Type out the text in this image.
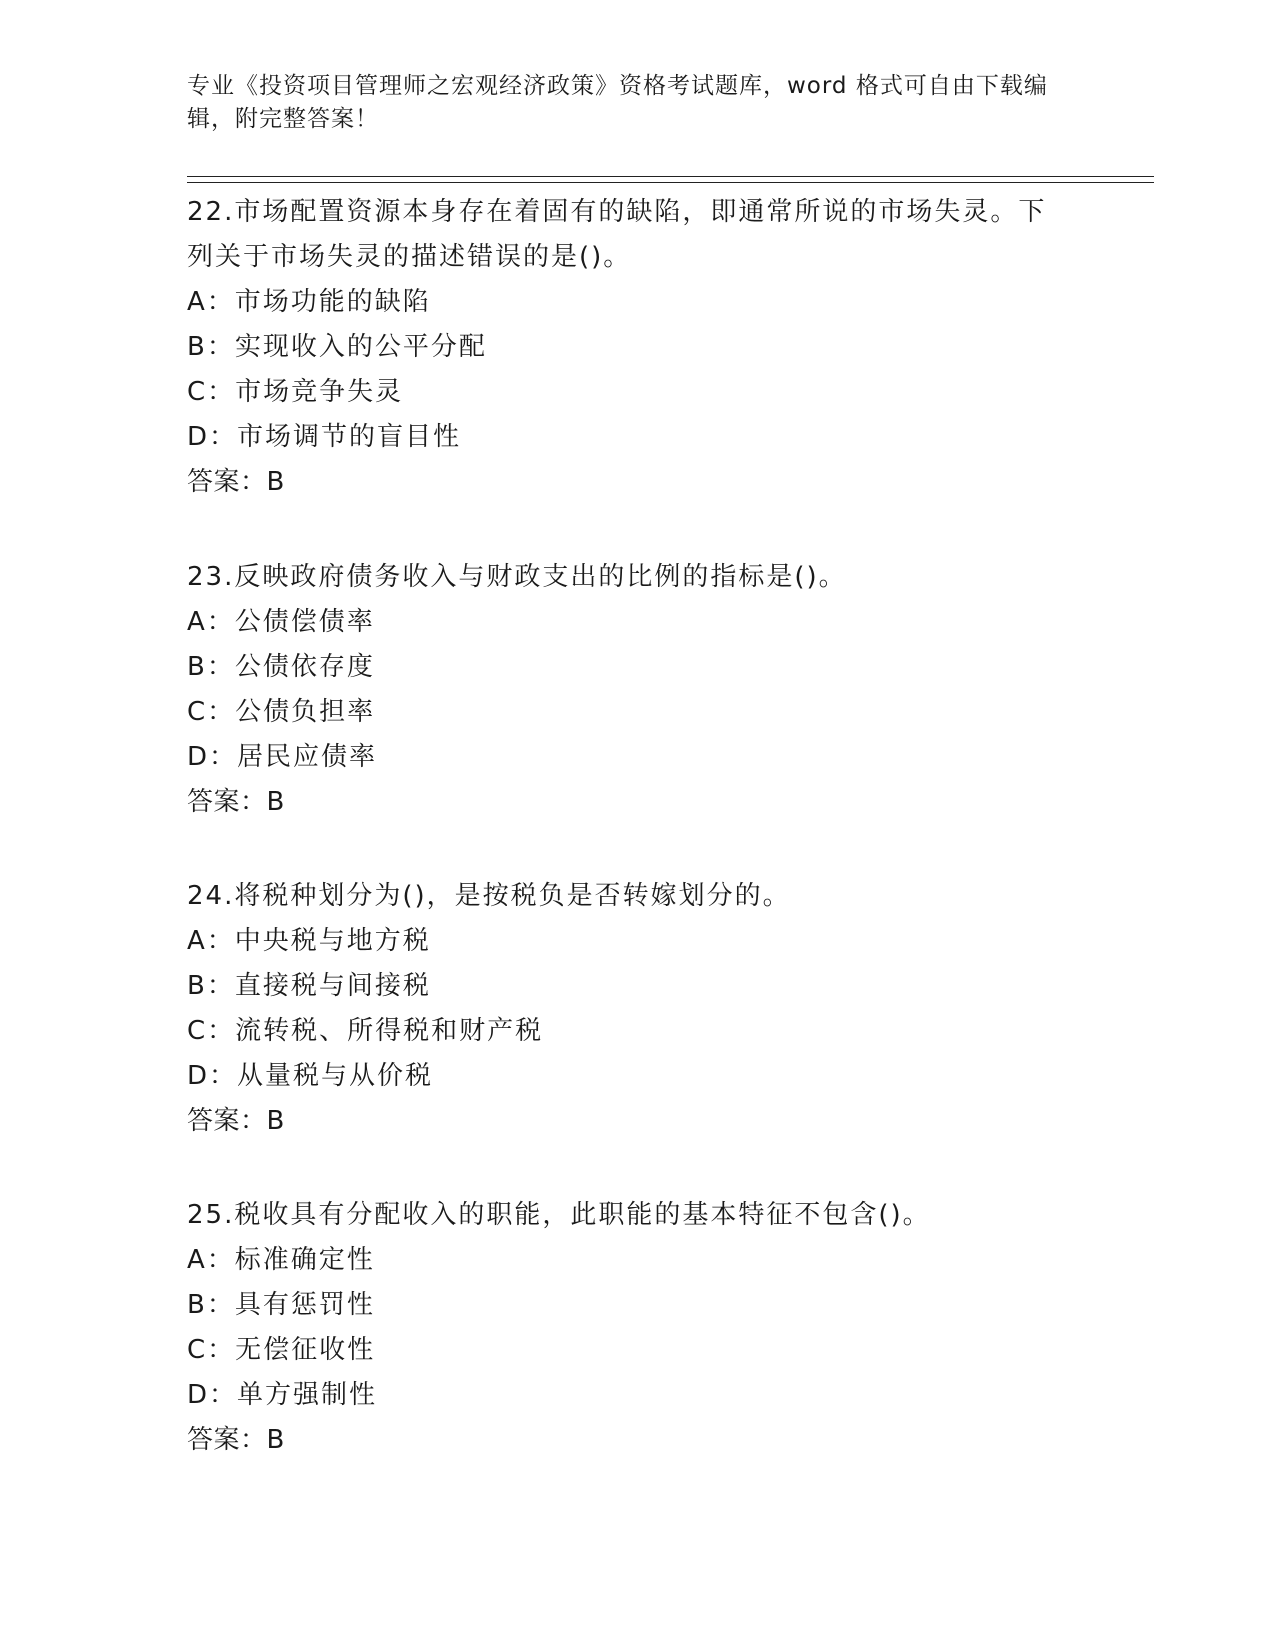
专业《投资项目管理师之宏观经济政策》资格考试题库，word 格式可自由下载编
辑，附完整答案！
22.市场配置资源本身存在着固有的缺陷，即通常所说的市场失灵。下
列关于市场失灵的描述错误的是()。
A：市场功能的缺陷
B：实现收入的公平分配
C：市场竞争失灵
D：市场调节的盲目性
答案：B
23.反映政府债务收入与财政支出的比例的指标是()。
A：公债偿债率
B：公债依存度
C：公债负担率
D：居民应债率
答案：B
24.将税种划分为()，是按税负是否转嫁划分的。
A：中央税与地方税
B：直接税与间接税
C：流转税、所得税和财产税
D：从量税与从价税
答案：B
25.税收具有分配收入的职能，此职能的基本特征不包含()。
A：标准确定性
B：具有惩罚性
C：无偿征收性
D：单方强制性
答案：B
